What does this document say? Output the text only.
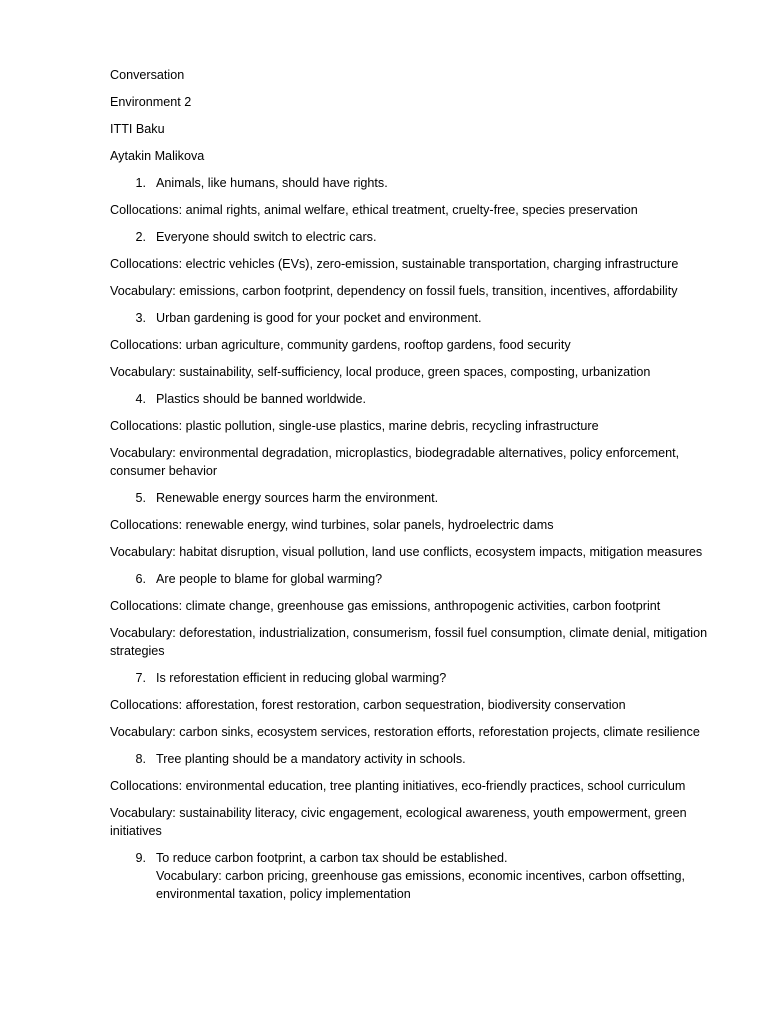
Conversation
Environment 2
ITTI Baku
Aytakin Malikova
1. Animals, like humans, should have rights.
Collocations: animal rights, animal welfare, ethical treatment, cruelty-free, species preservation
2. Everyone should switch to electric cars.
Collocations: electric vehicles (EVs), zero-emission, sustainable transportation, charging infrastructure
Vocabulary: emissions, carbon footprint, dependency on fossil fuels, transition, incentives, affordability
3. Urban gardening is good for your pocket and environment.
Collocations: urban agriculture, community gardens, rooftop gardens, food security
Vocabulary: sustainability, self-sufficiency, local produce, green spaces, composting, urbanization
4. Plastics should be banned worldwide.
Collocations: plastic pollution, single-use plastics, marine debris, recycling infrastructure
Vocabulary: environmental degradation, microplastics, biodegradable alternatives, policy enforcement, consumer behavior
5. Renewable energy sources harm the environment.
Collocations: renewable energy, wind turbines, solar panels, hydroelectric dams
Vocabulary: habitat disruption, visual pollution, land use conflicts, ecosystem impacts, mitigation measures
6. Are people to blame for global warming?
Collocations: climate change, greenhouse gas emissions, anthropogenic activities, carbon footprint
Vocabulary: deforestation, industrialization, consumerism, fossil fuel consumption, climate denial, mitigation strategies
7. Is reforestation efficient in reducing global warming?
Collocations: afforestation, forest restoration, carbon sequestration, biodiversity conservation
Vocabulary: carbon sinks, ecosystem services, restoration efforts, reforestation projects, climate resilience
8. Tree planting should be a mandatory activity in schools.
Collocations: environmental education, tree planting initiatives, eco-friendly practices, school curriculum
Vocabulary: sustainability literacy, civic engagement, ecological awareness, youth empowerment, green initiatives
9. To reduce carbon footprint, a carbon tax should be established.
Vocabulary: carbon pricing, greenhouse gas emissions, economic incentives, carbon offsetting, environmental taxation, policy implementation
